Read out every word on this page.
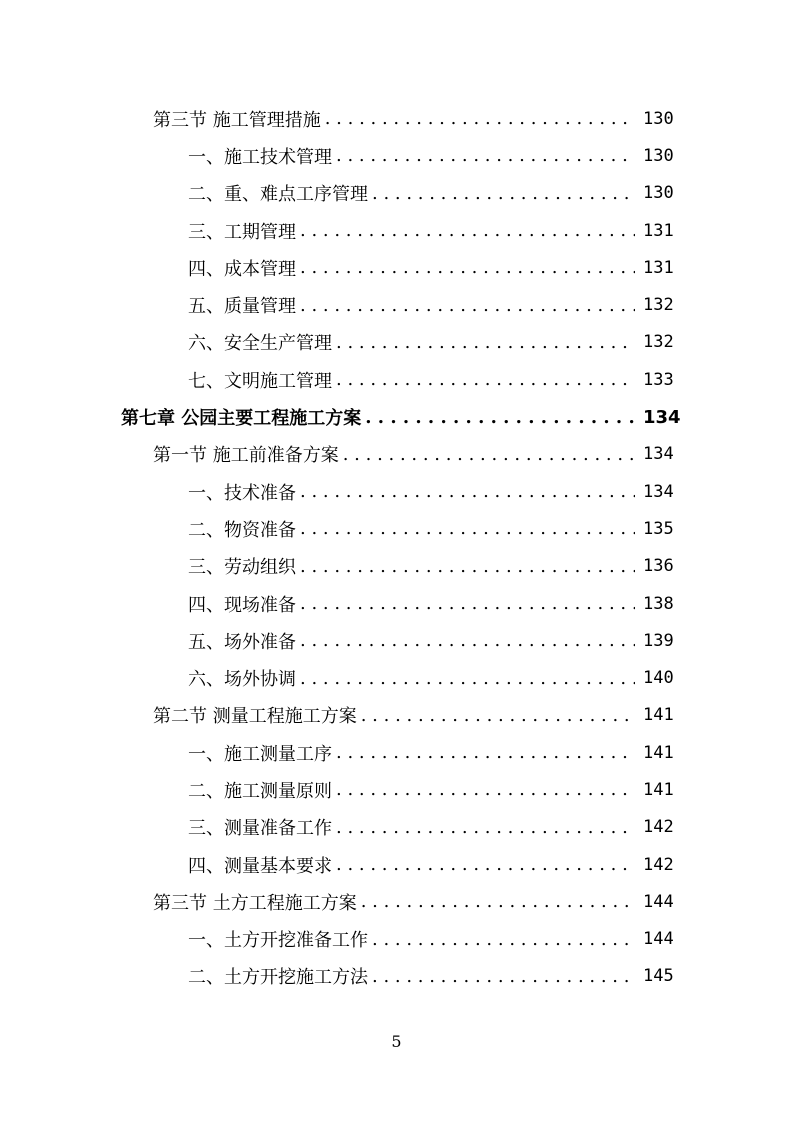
第三节 施工管理措施 . . .	130
一、施工技术管理 . . .	130
二、重、难点工序管理 . . .	130
三、工期管理 . . .	131
四、成本管理 . . .	131
五、质量管理 . . .	132
六、安全生产管理 . . .	132
七、文明施工管理 . . .	133
第七章 公园主要工程施工方案 . . .	134
第一节 施工前准备方案 . . .	134
一、技术准备 . . .	134
二、物资准备 . . .	135
三、劳动组织 . . .	136
四、现场准备 . . .	138
五、场外准备 . . .	139
六、场外协调 . . .	140
第二节 测量工程施工方案 . . .	141
一、施工测量工序 . . .	141
二、施工测量原则 . . .	141
三、测量准备工作 . . .	142
四、测量基本要求 . . .	142
第三节 土方工程施工方案 . . .	144
一、土方开挖准备工作 . . .	144
二、土方开挖施工方法 . . .	145
5
